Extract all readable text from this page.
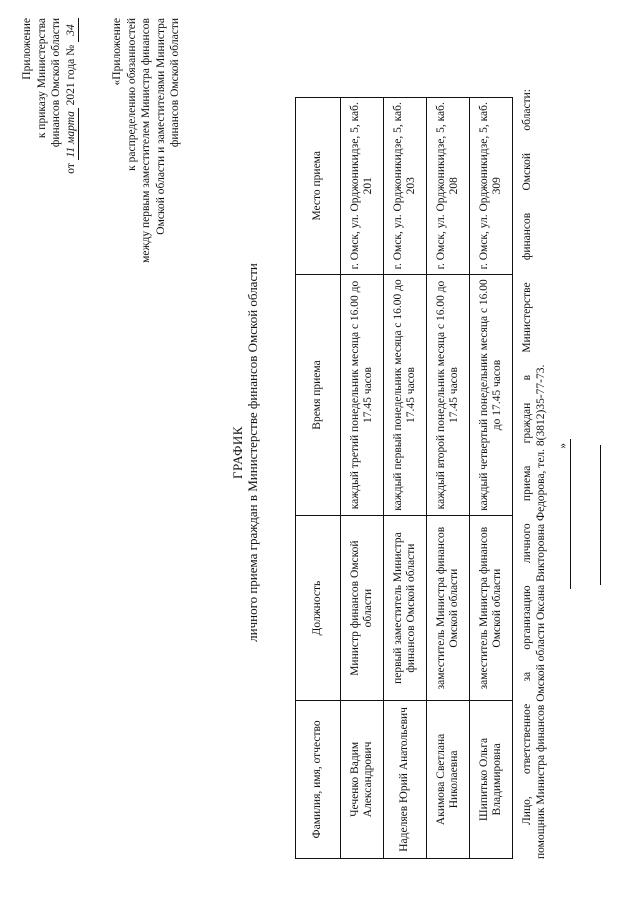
Приложение к приказу Министерства финансов Омской области
от 11 марта 2021 года № 34	«Приложение к распределению обязанностей между первым заместителем Министра финансов Омской области и заместителями Министра финансов Омской области
ГРАФИК личного приема граждан в Министерстве финансов Омской области
Фамилия, имя, отчество	Должность	Время приема	Место приема
Чеченко Вадим Александрович	Министр финансов Омской области	каждый третий понедельник месяца с 16.00 до 17.45 часов	г. Омск, ул. Орджоникидзе, 5, каб. 201
Наделяев Юрий Анатольевич	первый заместитель Министра финансов Омской области	каждый первый понедельник месяца с 16.00 до 17.45 часов	г. Омск, ул. Орджоникидзе, 5, каб. 203
Акимова Светлана Николаевна	заместитель Министра финансов Омской области	каждый второй понедельник месяца с 16.00 до 17.45 часов	г. Омск, ул. Орджоникидзе, 5, каб. 208
Шипитько Ольга Владимировна	заместитель Министра финансов Омской области	каждый четвертый понедельник месяца с 16.00 до 17.45 часов	г. Омск, ул. Орджоникидзе, 5, каб. 309 Лицо, ответственное за организацию личного приема граждан в Министерстве финансов Омской области: помощник Министра финансов Омской области Оксана Викторовна Федорова, тел. 8(3812)35-77-73. »
